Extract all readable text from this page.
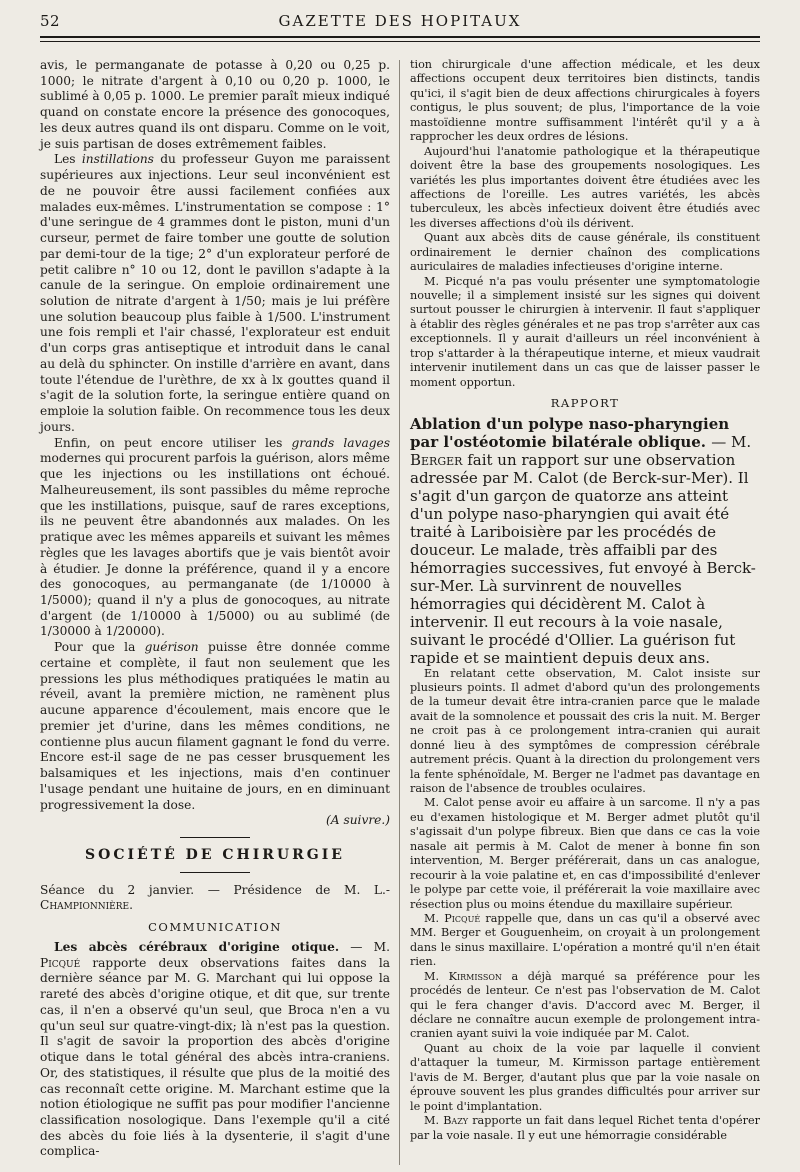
52	GAZETTE DES HOPITAUX

avis, le permanganate de potasse à 0,20 ou 0,25 p. 1000; le nitrate d'argent à 0,10 ou 0,20 p. 1000, le sublimé à 0,05 p. 1000. Le premier paraît mieux indiqué quand on constate encore la présence des gonocoques, les deux autres quand ils ont disparu. Comme on le voit, je suis partisan de doses extrêmement faibles.

Les instillations du professeur Guyon me paraissent supérieures aux injections. Leur seul inconvénient est de ne pouvoir être aussi facilement confiées aux malades eux-mêmes. L'instrumentation se compose : 1° d'une seringue de 4 grammes dont le piston, muni d'un curseur, permet de faire tomber une goutte de solution par demi-tour de la tige; 2° d'un explorateur perforé de petit calibre n° 10 ou 12, dont le pavillon s'adapte à la canule de la seringue. On emploie ordinairement une solution de nitrate d'argent à 1/50; mais je lui préfère une solution beaucoup plus faible à 1/500. L'instrument une fois rempli et l'air chassé, l'explorateur est enduit d'un corps gras antiseptique et introduit dans le canal au delà du sphincter. On instille d'arrière en avant, dans toute l'étendue de l'urèthre, de xx à lx gouttes quand il s'agit de la solution forte, la seringue entière quand on emploie la solution faible. On recommence tous les deux jours.

Enfin, on peut encore utiliser les grands lavages modernes qui procurent parfois la guérison, alors même que les injections ou les instillations ont échoué. Malheureusement, ils sont passibles du même reproche que les instillations, puisque, sauf de rares exceptions, ils ne peuvent être abandonnés aux malades. On les pratique avec les mêmes appareils et suivant les mêmes règles que les lavages abortifs que je vais bientôt avoir à étudier. Je donne la préférence, quand il y a encore des gonocoques, au permanganate (de 1/10000 à 1/5000); quand il n'y a plus de gonocoques, au nitrate d'argent (de 1/10000 à 1/5000) ou au sublimé (de 1/30000 à 1/20000).

Pour que la guérison puisse être donnée comme certaine et complète, il faut non seulement que les pressions les plus méthodiques pratiquées le matin au réveil, avant la première miction, ne ramènent plus aucune apparence d'écoulement, mais encore que le premier jet d'urine, dans les mêmes conditions, ne contienne plus aucun filament gagnant le fond du verre. Encore est-il sage de ne pas cesser brusquement les balsamiques et les injections, mais d'en continuer l'usage pendant une huitaine de jours, en en diminuant progressivement la dose.

(A suivre.)

SOCIÉTÉ DE CHIRURGIE

Séance du 2 janvier. — Présidence de M. L.-Championnière.

COMMUNICATION

Les abcès cérébraux d'origine otique. — M. Picqué rapporte deux observations faites dans la dernière séance par M. G. Marchant qui lui oppose la rareté des abcès d'origine otique, et dit que, sur trente cas, il n'en a observé qu'un seul, que Broca n'en a vu qu'un seul sur quatre-vingt-dix; là n'est pas la question. Il s'agit de savoir la proportion des abcès d'origine otique dans le total général des abcès intra-craniens. Or, des statistiques, il résulte que plus de la moitié des cas reconnaît cette origine. M. Marchant estime que la notion étiologique ne suffit pas pour modifier l'ancienne classification nosologique. Dans l'exemple qu'il a cité des abcès du foie liés à la dysenterie, il s'agit d'une complica-

tion chirurgicale d'une affection médicale, et les deux affections occupent deux territoires bien distincts, tandis qu'ici, il s'agit bien de deux affections chirurgicales à foyers contigus, le plus souvent; de plus, l'importance de la voie mastoïdienne montre suffisamment l'intérêt qu'il y a à rapprocher les deux ordres de lésions.

Aujourd'hui l'anatomie pathologique et la thérapeutique doivent être la base des groupements nosologiques. Les variétés les plus importantes doivent être étudiées avec les affections de l'oreille. Les autres variétés, les abcès tuberculeux, les abcès infectieux doivent être étudiés avec les diverses affections d'où ils dérivent.

Quant aux abcès dits de cause générale, ils constituent ordinairement le dernier chaînon des complications auriculaires de maladies infectieuses d'origine interne.

M. Picqué n'a pas voulu présenter une symptomatologie nouvelle; il a simplement insisté sur les signes qui doivent surtout pousser le chirurgien à intervenir. Il faut s'appliquer à établir des règles générales et ne pas trop s'arrêter aux cas exceptionnels. Il y aurait d'ailleurs un réel inconvénient à trop s'attarder à la thérapeutique interne, et mieux vaudrait intervenir inutilement dans un cas que de laisser passer le moment opportun.

RAPPORT

Ablation d'un polype naso-pharyngien par l'ostéotomie bilatérale oblique. — M. Berger fait un rapport sur une observation adressée par M. Calot (de Berck-sur-Mer). Il s'agit d'un garçon de quatorze ans atteint d'un polype naso-pharyngien qui avait été traité à Lariboisière par les procédés de douceur. Le malade, très affaibli par des hémorragies successives, fut envoyé à Berck-sur-Mer. Là survinrent de nouvelles hémorragies qui décidèrent M. Calot à intervenir. Il eut recours à la voie nasale, suivant le procédé d'Ollier. La guérison fut rapide et se maintient depuis deux ans.

En relatant cette observation, M. Calot insiste sur plusieurs points. Il admet d'abord qu'un des prolongements de la tumeur devait être intra-cranien parce que le malade avait de la somnolence et poussait des cris la nuit. M. Berger ne croit pas à ce prolongement intra-cranien qui aurait donné lieu à des symptômes de compression cérébrale autrement précis. Quant à la direction du prolongement vers la fente sphénoïdale, M. Berger ne l'admet pas davantage en raison de l'absence de troubles oculaires.

M. Calot pense avoir eu affaire à un sarcome. Il n'y a pas eu d'examen histologique et M. Berger admet plutôt qu'il s'agissait d'un polype fibreux. Bien que dans ce cas la voie nasale ait permis à M. Calot de mener à bonne fin son intervention, M. Berger préférerait, dans un cas analogue, recourir à la voie palatine et, en cas d'impossibilité d'enlever le polype par cette voie, il préférerait la voie maxillaire avec résection plus ou moins étendue du maxillaire supérieur.

M. Picqué rappelle que, dans un cas qu'il a observé avec MM. Berger et Gouguenheim, on croyait à un prolongement dans le sinus maxillaire. L'opération a montré qu'il n'en était rien.

M. Kirmisson a déjà marqué sa préférence pour les procédés de lenteur. Ce n'est pas l'observation de M. Calot qui le fera changer d'avis. D'accord avec M. Berger, il déclare ne connaître aucun exemple de prolongement intra-cranien ayant suivi la voie indiquée par M. Calot.

Quant au choix de la voie par laquelle il convient d'attaquer la tumeur, M. Kirmisson partage entièrement l'avis de M. Berger, d'autant plus que par la voie nasale on éprouve souvent les plus grandes difficultés pour arriver sur le point d'implantation.

M. Bazy rapporte un fait dans lequel Richet tenta d'opérer par la voie nasale. Il y eut une hémorragie considérable
